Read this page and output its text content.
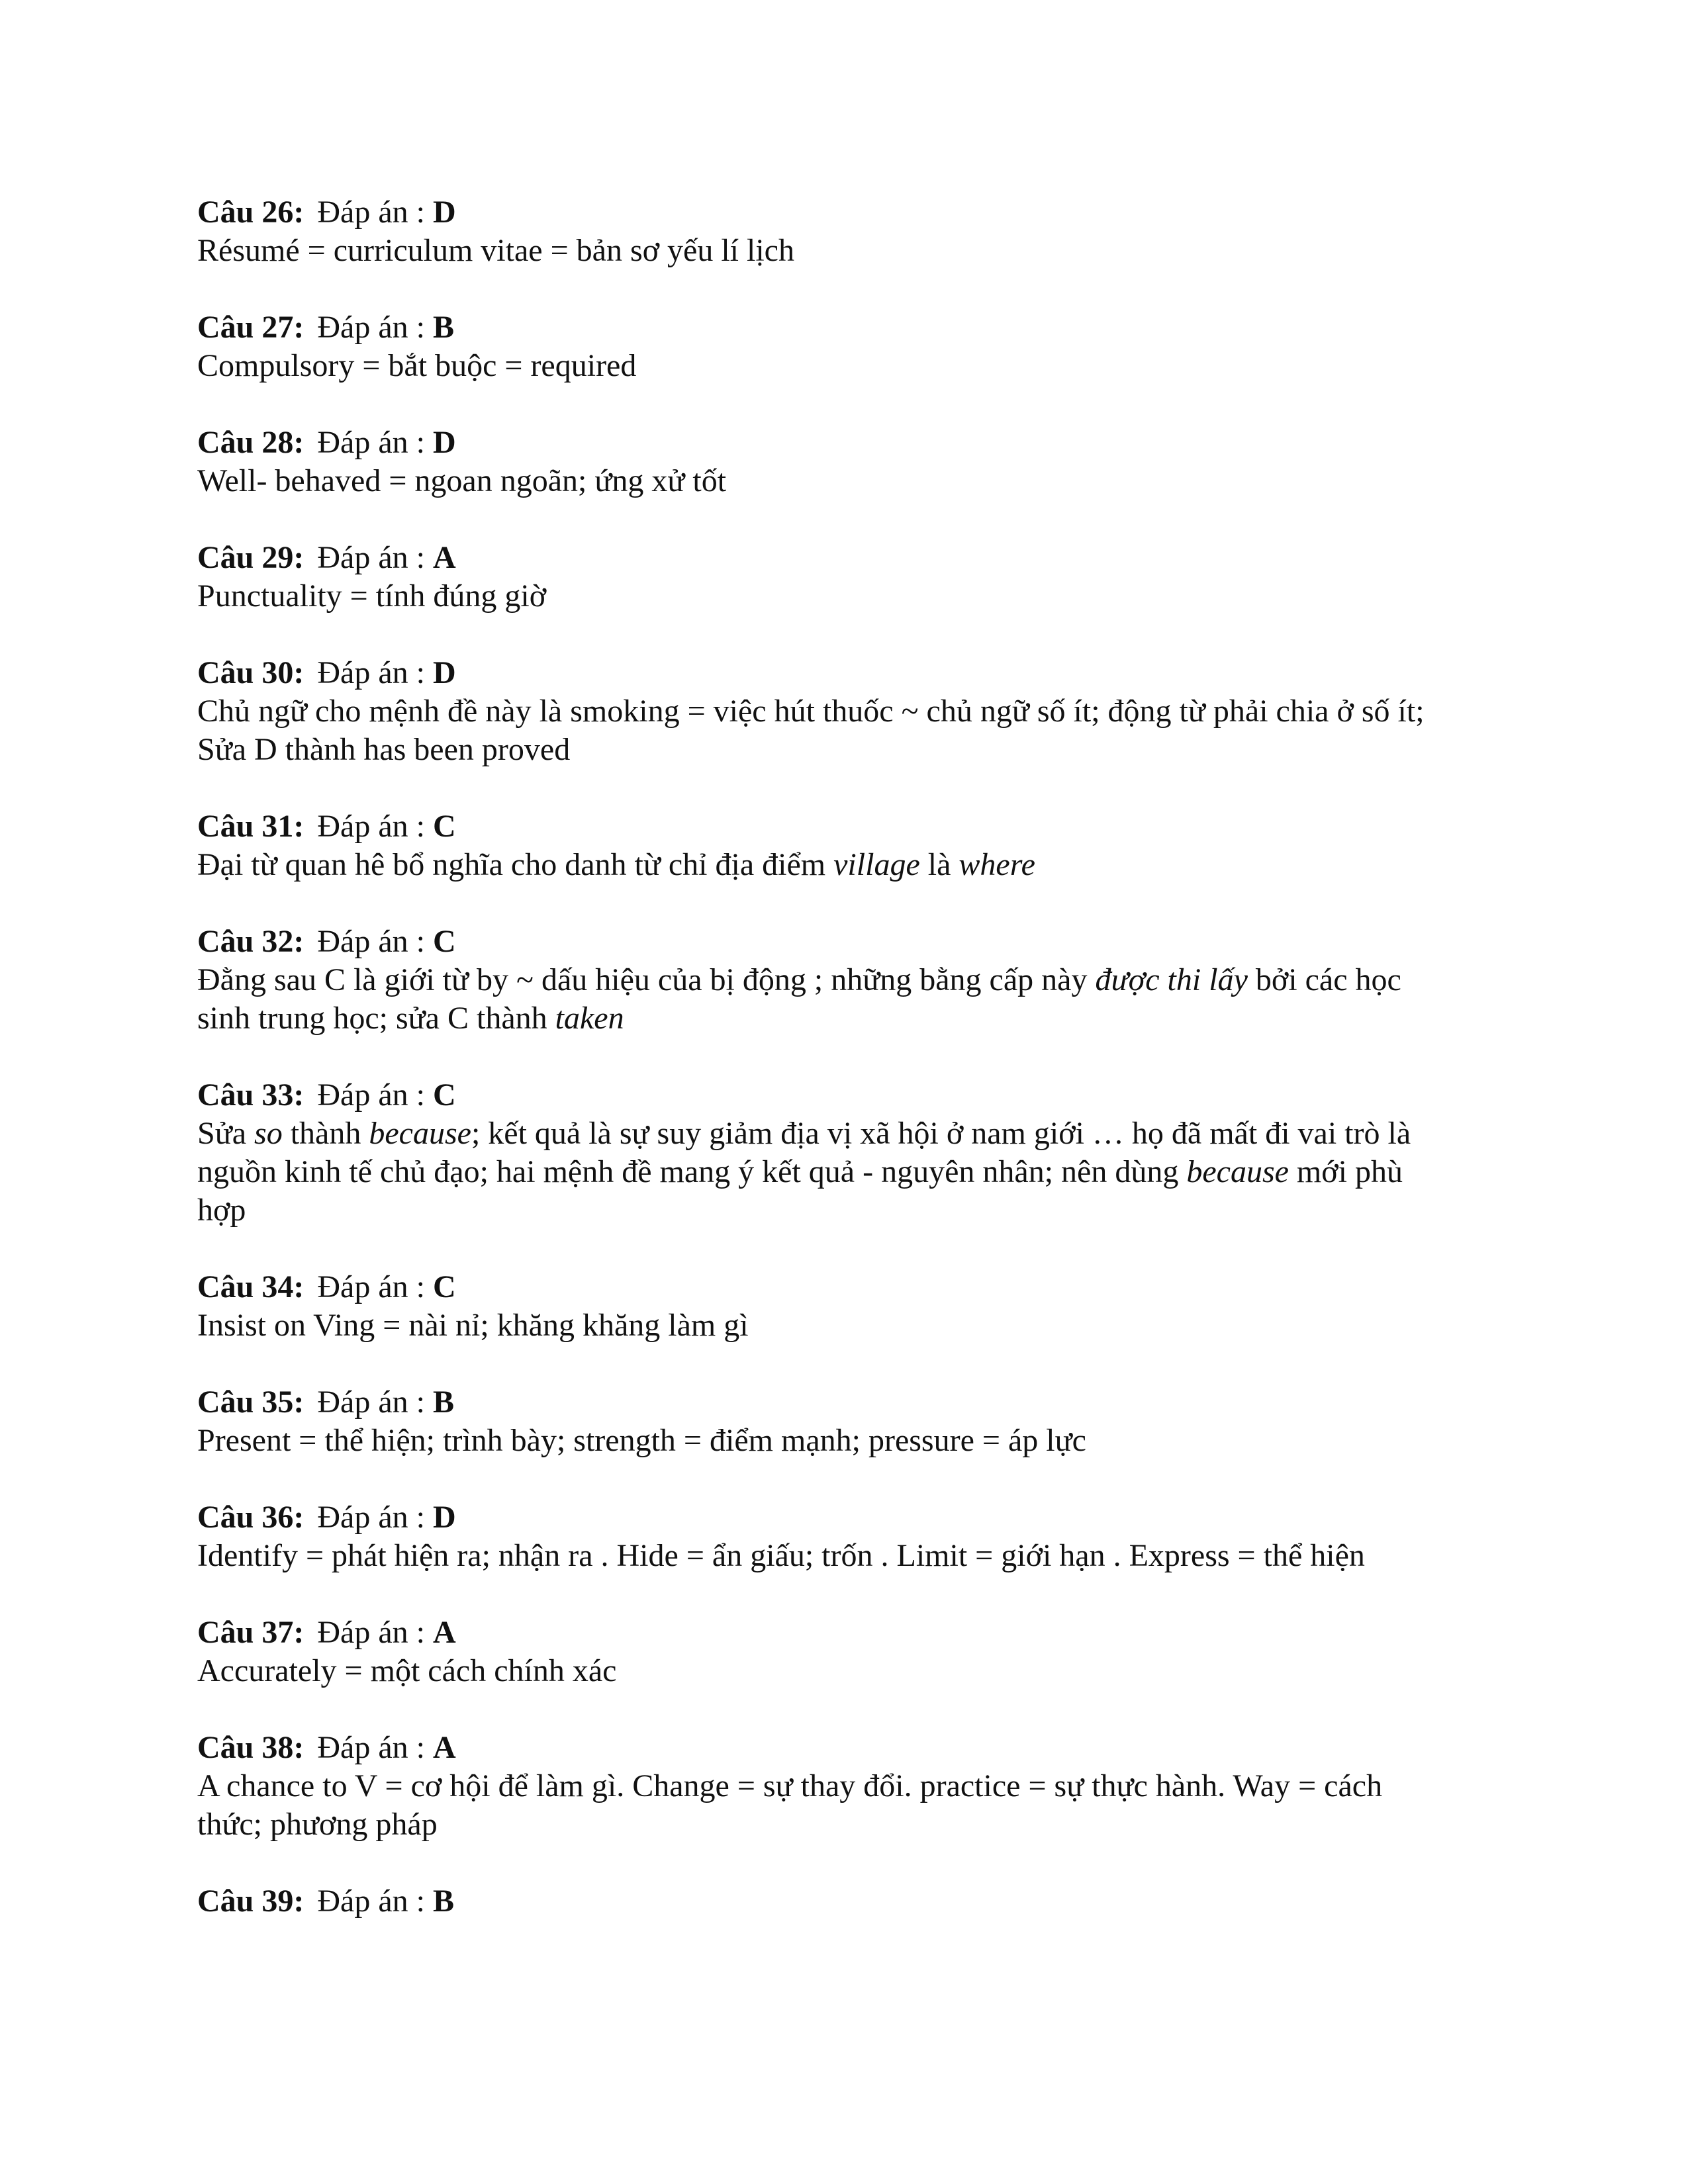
Câu 26: Đáp án : D
Résumé = curriculum vitae = bản sơ yếu lí lịch
Câu 27: Đáp án : B
Compulsory = bắt buộc = required
Câu 28: Đáp án : D
Well- behaved = ngoan ngoãn; ứng xử tốt
Câu 29: Đáp án : A
Punctuality = tính đúng giờ
Câu 30: Đáp án : D
Chủ ngữ cho mệnh đề này là smoking = việc hút thuốc ~ chủ ngữ số ít; động từ phải chia ở số ít;
Sửa D thành has been proved
Câu 31: Đáp án : C
Đại từ quan hê bổ nghĩa cho danh từ chỉ địa điểm village là where
Câu 32: Đáp án : C
Đằng sau C là giới từ by ~ dấu hiệu của bị động ; những bằng cấp này được thi lấy bởi các học
sinh trung học; sửa C thành taken
Câu 33: Đáp án : C
Sửa so thành because; kết quả là sự suy giảm địa vị xã hội ở nam giới … họ đã mất đi vai trò là
nguồn kinh tế chủ đạo; hai mệnh đề mang ý kết quả - nguyên nhân; nên dùng because mới phù
hợp
Câu 34: Đáp án : C
Insist on Ving = nài nỉ; khăng khăng làm gì
Câu 35: Đáp án : B
Present = thể hiện; trình bày; strength = điểm mạnh; pressure = áp lực
Câu 36: Đáp án : D
Identify = phát hiện ra; nhận ra . Hide = ẩn giấu; trốn . Limit = giới hạn . Express = thể hiện
Câu 37: Đáp án : A
Accurately = một cách chính xác
Câu 38: Đáp án : A
A chance to V = cơ hội để làm gì. Change = sự thay đổi. practice = sự thực hành. Way = cách
thức; phương pháp
Câu 39: Đáp án : B
